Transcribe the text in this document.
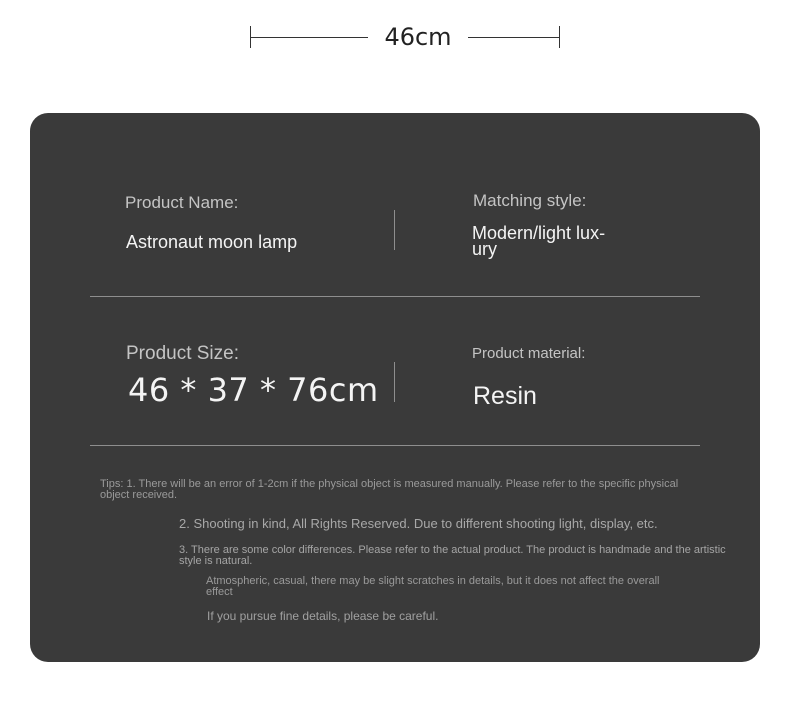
46cm
Product Name:
Astronaut moon lamp
Matching style:
Modern/light lux-
ury
Product Size:
46 * 37 * 76cm
Product material:
Resin
Tips: 1. There will be an error of 1-2cm if the physical object is measured manually. Please refer to the specific physical
object received.
2. Shooting in kind, All Rights Reserved. Due to different shooting light, display, etc.
3. There are some color differences. Please refer to the actual product. The product is handmade and the artistic
style is natural.
Atmospheric, casual, there may be slight scratches in details, but it does not affect the overall
effect
If you pursue fine details, please be careful.
